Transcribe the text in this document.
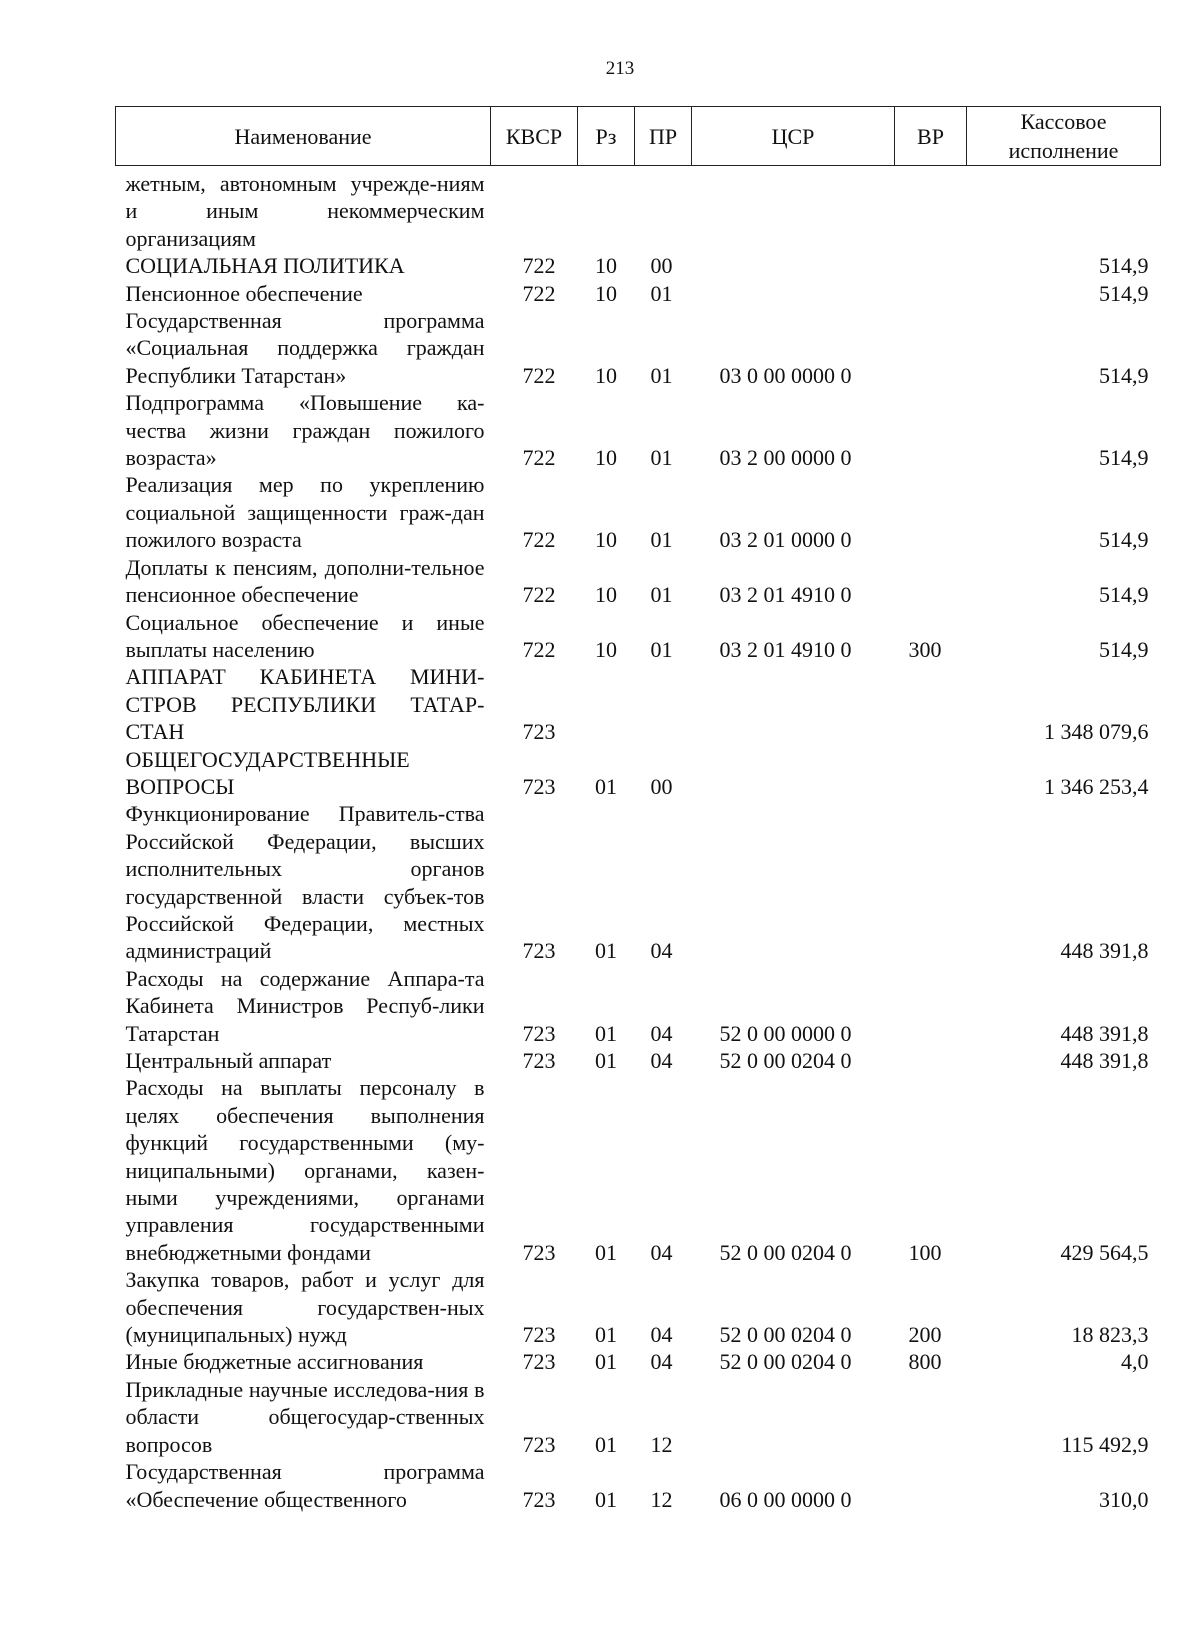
213
Наименование	КВСР	Рз	ПР	ЦСР	ВР	Кассовое исполнение
жетным, автономным учрежде-ниям и иным некоммерческим организациям						
СОЦИАЛЬНАЯ ПОЛИТИКА	722	10	00			514,9
Пенсионное обеспечение	722	10	01			514,9
Государственная программа «Социальная поддержка граждан Республики Татарстан»	722	10	01	03 0 00 0000 0		514,9
Подпрограмма «Повышение ка-чества жизни граждан пожилого возраста»	722	10	01	03 2 00 0000 0		514,9
Реализация мер по укреплению социальной защищенности граж-дан пожилого возраста	722	10	01	03 2 01 0000 0		514,9
Доплаты к пенсиям, дополни-тельное пенсионное обеспечение	722	10	01	03 2 01 4910 0		514,9
Социальное обеспечение и иные выплаты населению	722	10	01	03 2 01 4910 0	300	514,9
АППАРАТ КАБИНЕТА МИНИ-СТРОВ РЕСПУБЛИКИ ТАТАР-СТАН	723					1 348 079,6
ОБЩЕГОСУДАРСТВЕННЫЕ ВОПРОСЫ	723	01	00			1 346 253,4
Функционирование Правитель-ства Российской Федерации, высших исполнительных органов государственной власти субъек-тов Российской Федерации, местных администраций	723	01	04			448 391,8
Расходы на содержание Аппара-та Кабинета Министров Респуб-лики Татарстан	723	01	04	52 0 00 0000 0		448 391,8
Центральный аппарат	723	01	04	52 0 00 0204 0		448 391,8
Расходы на выплаты персоналу в целях обеспечения выполнения функций государственными (му-ниципальными) органами, казен-ными учреждениями, органами управления государственными внебюджетными фондами	723	01	04	52 0 00 0204 0	100	429 564,5
Закупка товаров, работ и услуг для обеспечения государствен-ных (муниципальных) нужд	723	01	04	52 0 00 0204 0	200	18 823,3
Иные бюджетные ассигнования	723	01	04	52 0 00 0204 0	800	4,0
Прикладные научные исследова-ния в области общегосудар-ственных вопросов	723	01	12			115 492,9
Государственная программа «Обеспечение общественного	723	01	12	06 0 00 0000 0		310,0
